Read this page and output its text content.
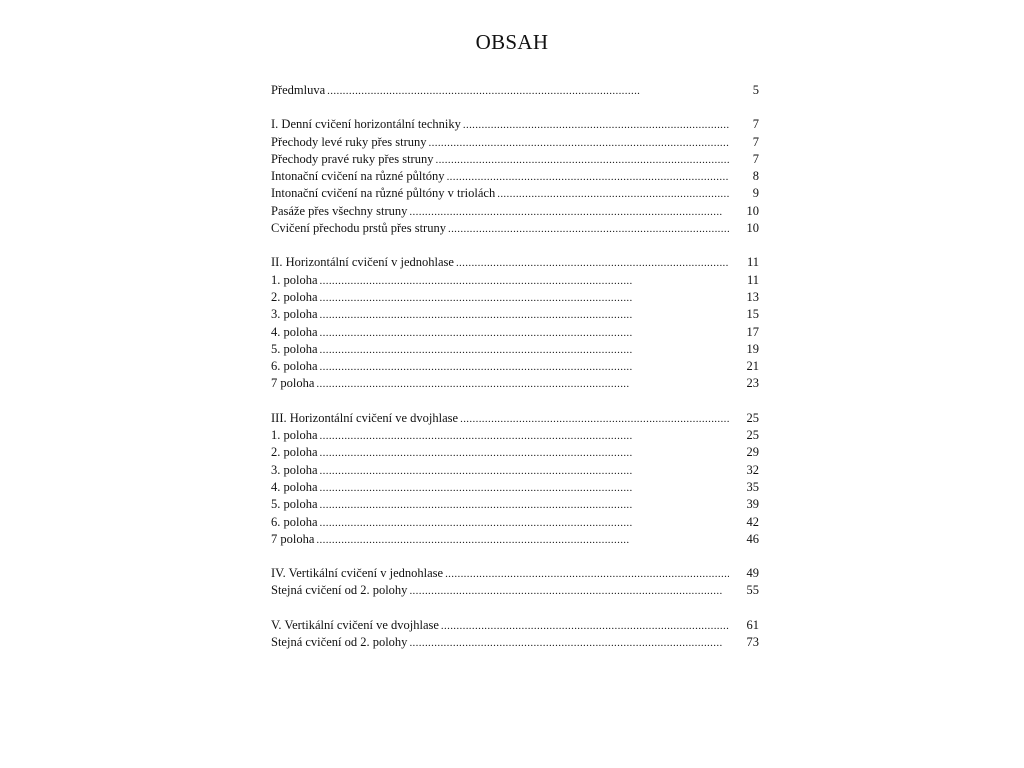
OBSAH
Předmluva . . .	5
I. Denní cvičení horizontální techniky . . .	7
Přechody levé ruky přes struny . . .	7
Přechody pravé ruky přes struny . . .	7
Intonační cvičení na různé půltóny . . .	8
Intonační cvičení na různé půltóny v triolách . . .	9
Pasáže přes všechny struny . . .	10
Cvičení přechodu prstů přes struny . . .	10
II. Horizontální cvičení v jednohlase . . .	11
1. poloha . . .	11
2. poloha . . .	13
3. poloha . . .	15
4. poloha . . .	17
5. poloha . . .	19
6. poloha . . .	21
7 poloha . . .	23
III. Horizontální cvičení ve dvojhlase . . .	25
1. poloha . . .	25
2. poloha . . .	29
3. poloha . . .	32
4. poloha . . .	35
5. poloha . . .	39
6. poloha . . .	42
7 poloha . . .	46
IV. Vertikální cvičení v jednohlase . . .	49
Stejná cvičení od 2. polohy . . .	55
V. Vertikální cvičení ve dvojhlase . . .	61
Stejná cvičení od 2. polohy . . .	73
